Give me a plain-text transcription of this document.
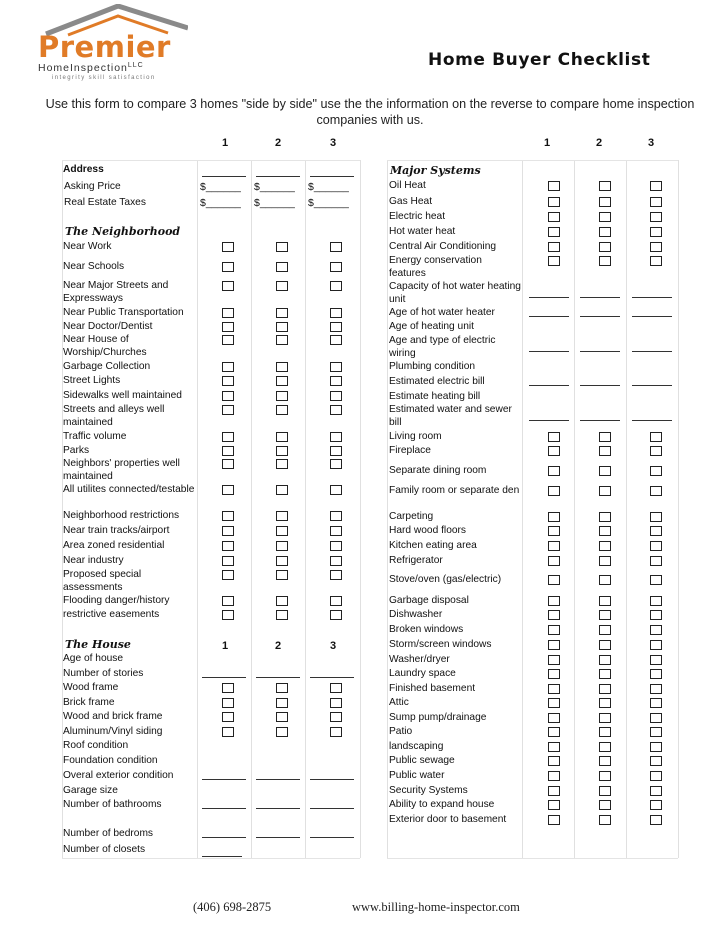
Premier
HomeInspection$^{LLC}$
integrity skill satisfaction
Home Buyer Checklist
Use this form to compare 3 homes "side by side" use the the information on the reverse to compare home inspection companies with us.
1	2	3	1	2	3
1	2	3
Address
Asking Price	$______ $______ $______
Real Estate Taxes	$______ $______ $______
The Neighborhood
Near Work
Near Schools
Near Major Streets and Expressways
Near Public Transportation
Near Doctor/Dentist
Near House of Worship/Churches
Garbage Collection
Street Lights
Sidewalks well maintained
Streets and alleys well maintained
Traffic volume
Parks
Neighbors' properties well maintained
All utilites connected/testable
Neighborhood restrictions
Near train tracks/airport
Area zoned residential
Near industry
Proposed special assessments
Flooding danger/history
restrictive easements
The House
Age of house
Number of stories
Wood frame
Brick frame
Wood and brick frame
Aluminum/Vinyl siding
Roof condition
Foundation condition
Overal exterior condition
Garage size
Number of bathrooms
Number of bedroms
Number of closets
Major Systems
Oil Heat
Gas Heat
Electric heat
Hot water heat
Central Air Conditioning
Energy conservation features
Capacity of hot water heating unit
Age of hot water heater
Age of heating unit
Age and type of electric wiring
Plumbing condition
Estimated electric bill
Estimate heating bill
Estimated water and sewer bill
Living room
Fireplace
Separate dining room
Family room or separate den
Carpeting
Hard wood floors
Kitchen eating area
Refrigerator
Stove/oven (gas/electric)
Garbage disposal
Dishwasher
Broken windows
Storm/screen windows
Washer/dryer
Laundry space
Finished basement
Attic
Sump pump/drainage
Patio
landscaping
Public sewage
Public water
Security Systems
Ability to expand house
Exterior door to basement
(406) 698-2875	www.billing-home-inspector.com
